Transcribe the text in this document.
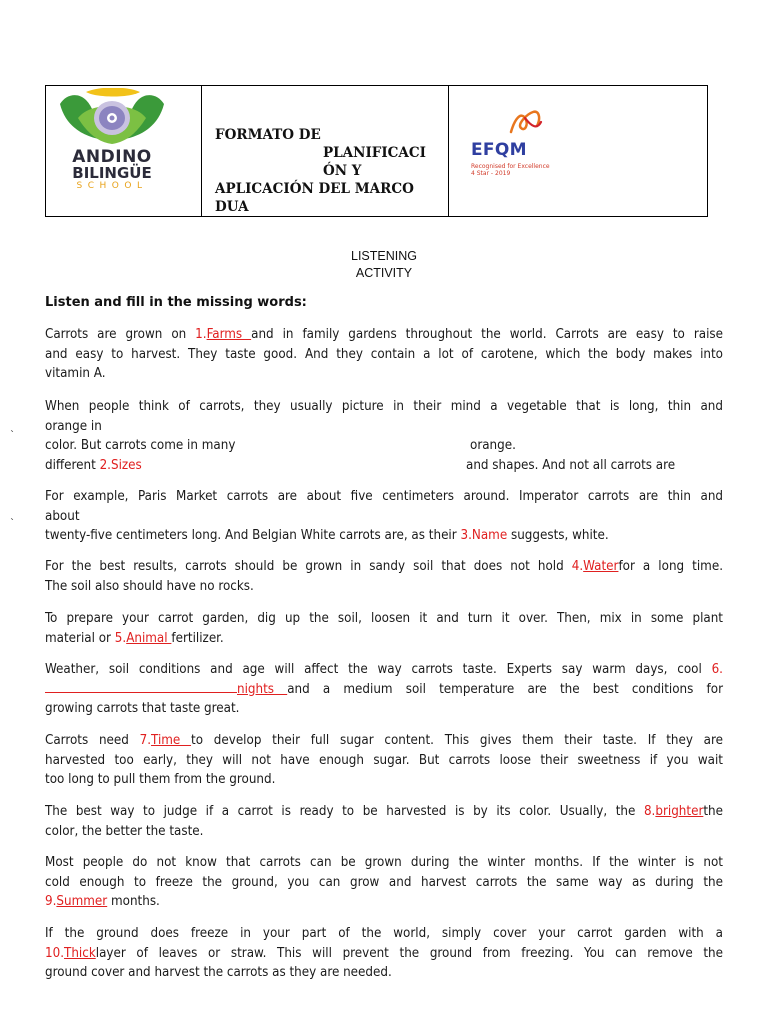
ANDINO
BILINGÜE
SCHOOL
FORMATO DE
PLANIFICACI
ÓN Y
APLICACIÓN DEL MARCO
DUA
EFQM
Recognised for Excellence
4 Star - 2019
LISTENING
ACTIVITY
Listen and fill in the missing words:
Carrots are grown on 1.Farms and in family gardens throughout the world. Carrots are easy to raise
and easy to harvest. They taste good. And they contain a lot of carotene, which the body makes into
vitamin A.
When people think of carrots, they usually picture in their mind a vegetable that is long, thin and
orange in
color. But carrots come in many	orange.
different 2.Sizes	and shapes. And not all carrots are
`
For example, Paris Market carrots are about five centimeters around. Imperator carrots are thin and
about
twenty-five centimeters long. And Belgian White carrots are, as their 3.Name suggests, white.
`
For the best results, carrots should be grown in sandy soil that does not hold 4.Waterfor a long time.
The soil also should have no rocks.
To prepare your carrot garden, dig up the soil, loosen it and turn it over. Then, mix in some plant
material or 5.Animal fertilizer.
Weather, soil conditions and age will affect the way carrots taste. Experts say warm days, cool 6.
nights and a medium soil temperature are the best conditions for
growing carrots that taste great.
Carrots need 7.Time to develop their full sugar content. This gives them their taste. If they are
harvested too early, they will not have enough sugar. But carrots loose their sweetness if you wait
too long to pull them from the ground.
The best way to judge if a carrot is ready to be harvested is by its color. Usually, the 8.brighterthe
color, the better the taste.
Most people do not know that carrots can be grown during the winter months. If the winter is not
cold enough to freeze the ground, you can grow and harvest carrots the same way as during the
9.Summer months.
If the ground does freeze in your part of the world, simply cover your carrot garden with a
10.Thicklayer of leaves or straw. This will prevent the ground from freezing. You can remove the
ground cover and harvest the carrots as they are needed.
